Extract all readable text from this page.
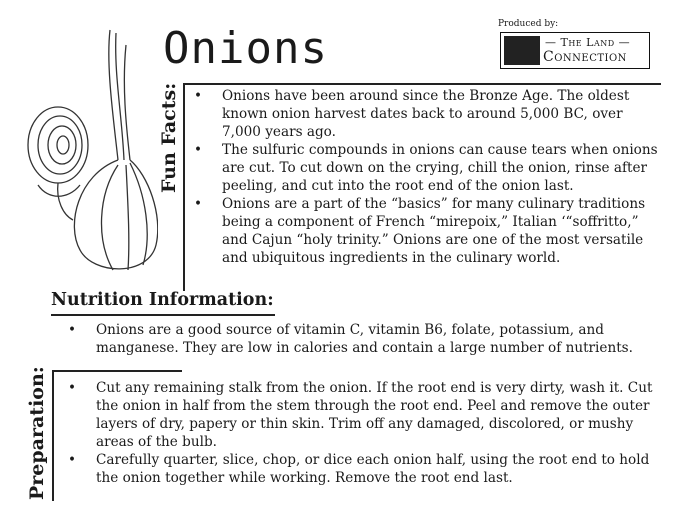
Onions	Produced by:
— The Land —
Connection
Fun Facts: • Onions have been around since the Bronze Age. The oldest known onion harvest dates back to around 5,000 BC, over 7,000 years ago.
• The sulfuric compounds in onions can cause tears when onions are cut. To cut down on the crying, chill the onion, rinse after peeling, and cut into the root end of the onion last.
• Onions are a part of the “basics” for many culinary traditions being a component of French “mirepoix,” Italian ‘“soffritto,” and Cajun “holy trinity.” Onions are one of the most versatile and ubiquitous ingredients in the culinary world.
Nutrition Information:
• Onions are a good source of vitamin C, vitamin B6, folate, potassium, and manganese. They are low in calories and contain a large number of nutrients.
Preparation: • Cut any remaining stalk from the onion. If the root end is very dirty, wash it. Cut the onion in half from the stem through the root end. Peel and remove the outer layers of dry, papery or thin skin. Trim off any damaged, discolored, or mushy areas of the bulb.
• Carefully quarter, slice, chop, or dice each onion half, using the root end to hold the onion together while working. Remove the root end last.
